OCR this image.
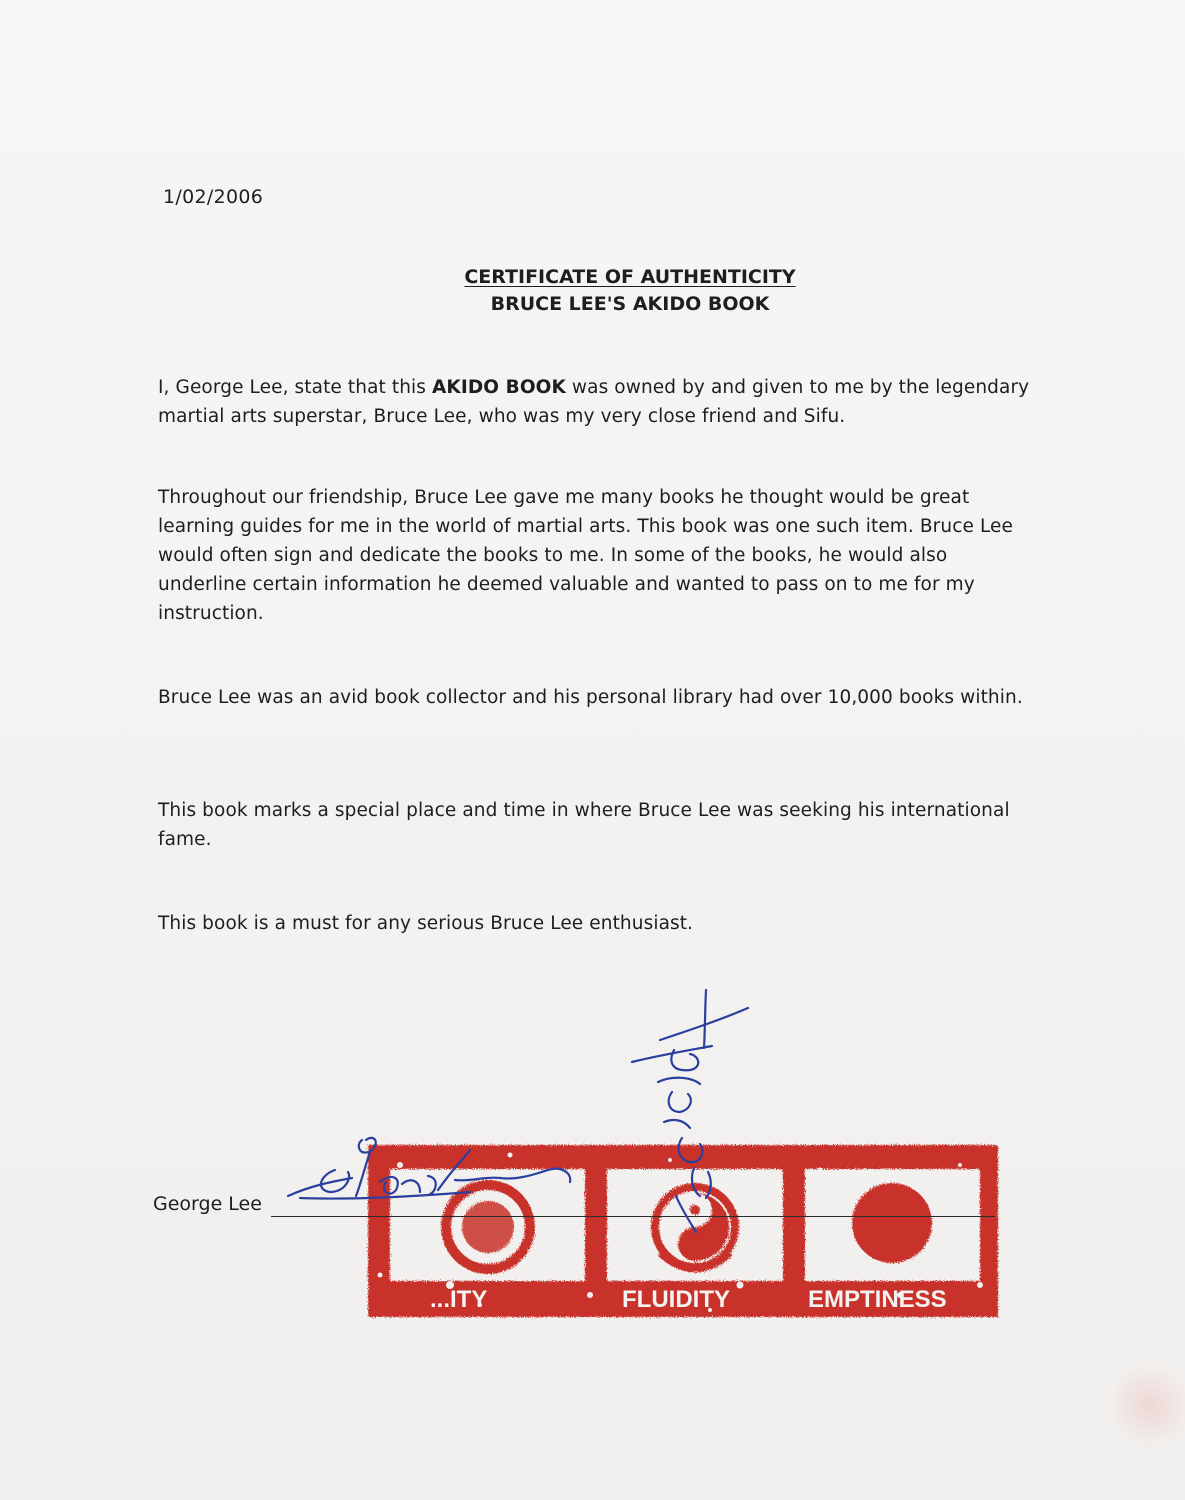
1/02/2006
CERTIFICATE OF AUTHENTICITY
BRUCE LEE'S AKIDO BOOK
I, George Lee, state that this AKIDO BOOK was owned by and given to me by the legendary martial arts superstar, Bruce Lee, who was my very close friend and Sifu.
Throughout our friendship, Bruce Lee gave me many books he thought would be great learning guides for me in the world of martial arts. This book was one such item. Bruce Lee would often sign and dedicate the books to me. In some of the books, he would also underline certain information he deemed valuable and wanted to pass on to me for my instruction.
Bruce Lee was an avid book collector and his personal library had over 10,000 books within.
This book marks a special place and time in where Bruce Lee was seeking his international fame.
This book is a must for any serious Bruce Lee enthusiast.
...ITY	FLUIDITY	EMPTINESS
George Lee
